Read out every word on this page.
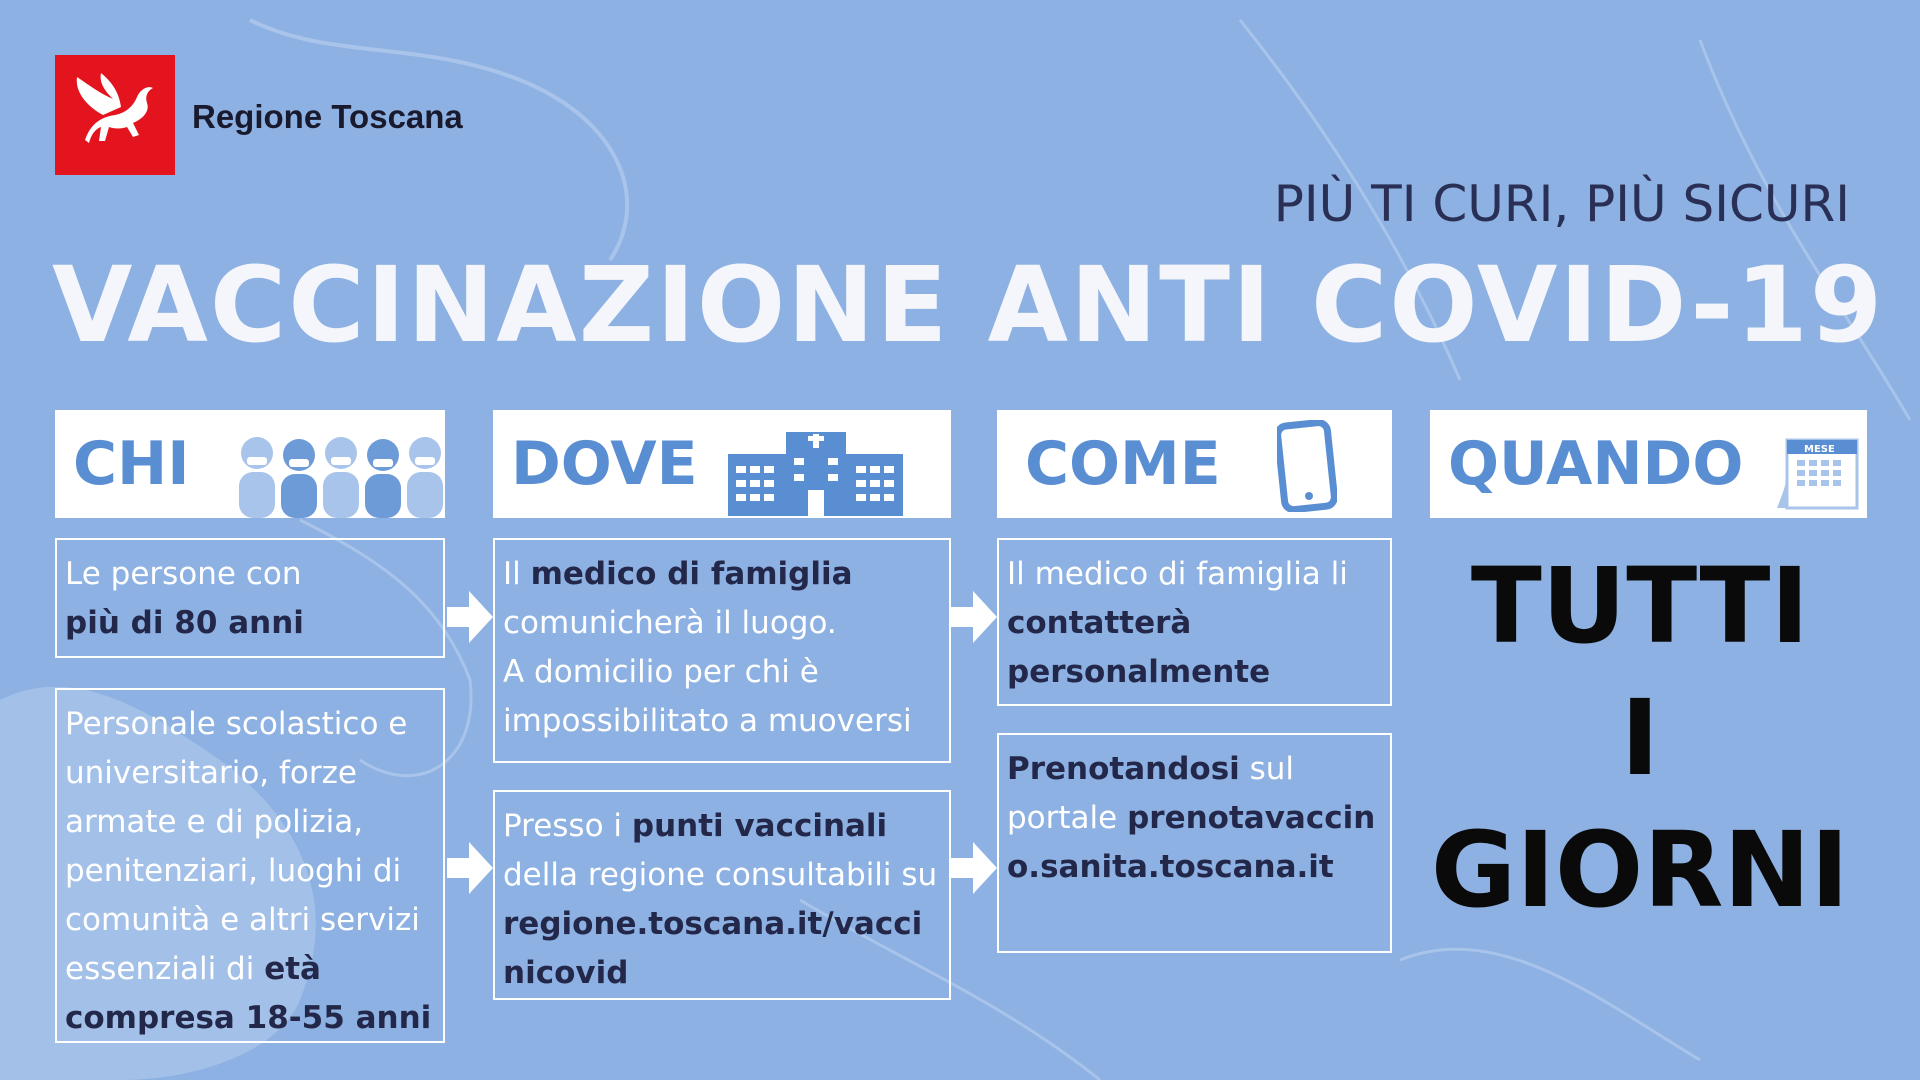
Regione Toscana
PIÙ TI CURI, PIÙ SICURI
VACCINAZIONE ANTI COVID-19
CHI	DOVE	COME	QUANDO	MESE
Le persone con
più di 80 anni
Personale scolastico e universitario, forze armate e di polizia, penitenziari, luoghi di comunità e altri servizi essenziali di età compresa 18-55 anni
Il medico di famiglia
comunicherà il luogo.
A domicilio per chi è impossibilitato a muoversi
Presso i punti vaccinali della regione consultabili su regione.toscana.it/vaccinicovid
Il medico di famiglia li contatterà personalmente
Prenotandosi sul portale prenotavaccino.sanita.toscana.it
TUTTI
I
GIORNI
